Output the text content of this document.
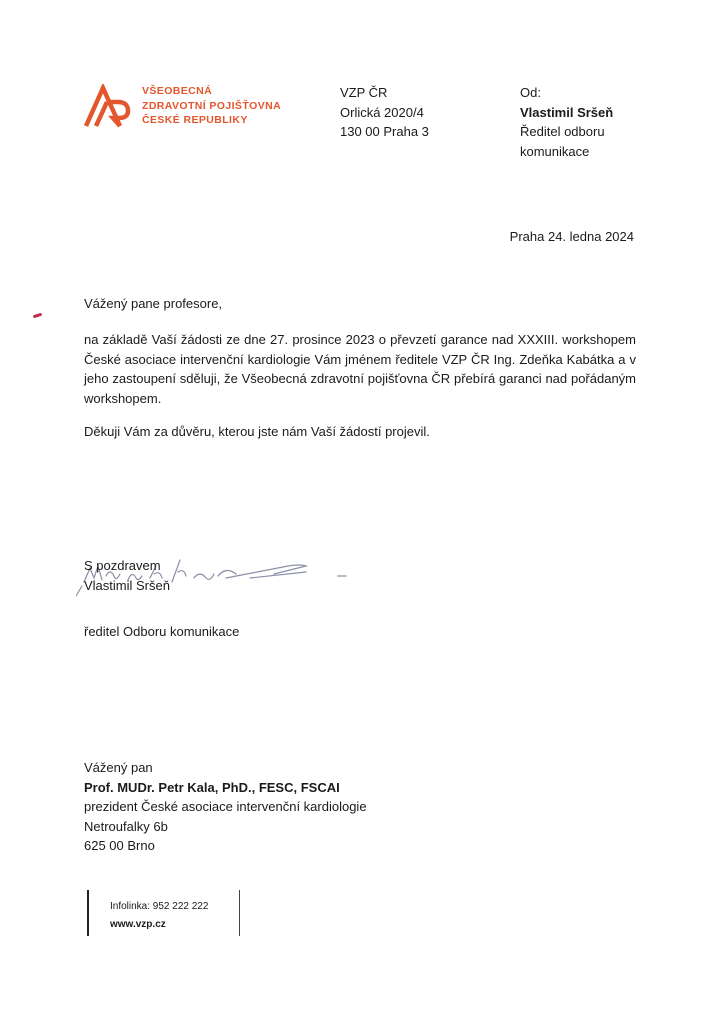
VŠEOBECNÁ
ZDRAVOTNÍ POJIŠŤOVNA
ČESKÉ REPUBLIKY
VZP ČR
Orlická 2020/4
130 00 Praha 3
Od:
Vlastimil Sršeň
Ředitel odboru
komunikace
Praha 24. ledna 2024
Vážený pane profesore,
na základě Vaší žádosti ze dne 27. prosince 2023 o převzetí garance nad XXXIII. workshopem České asociace intervenční kardiologie Vám jménem ředitele VZP ČR Ing. Zdeňka Kabátka a v jeho zastoupení sděluji, že Všeobecná zdravotní pojišťovna ČR přebírá garanci nad pořádaným workshopem.
Děkuji Vám za důvěru, kterou jste nám Vaší žádostí projevil.
S pozdravem
Vlastimil Sršeň
ředitel Odboru komunikace
Vážený pan
Prof. MUDr. Petr Kala, PhD., FESC, FSCAI
prezident České asociace intervenční kardiologie
Netroufalky 6b
625 00 Brno
Infolinka: 952 222 222
www.vzp.cz
